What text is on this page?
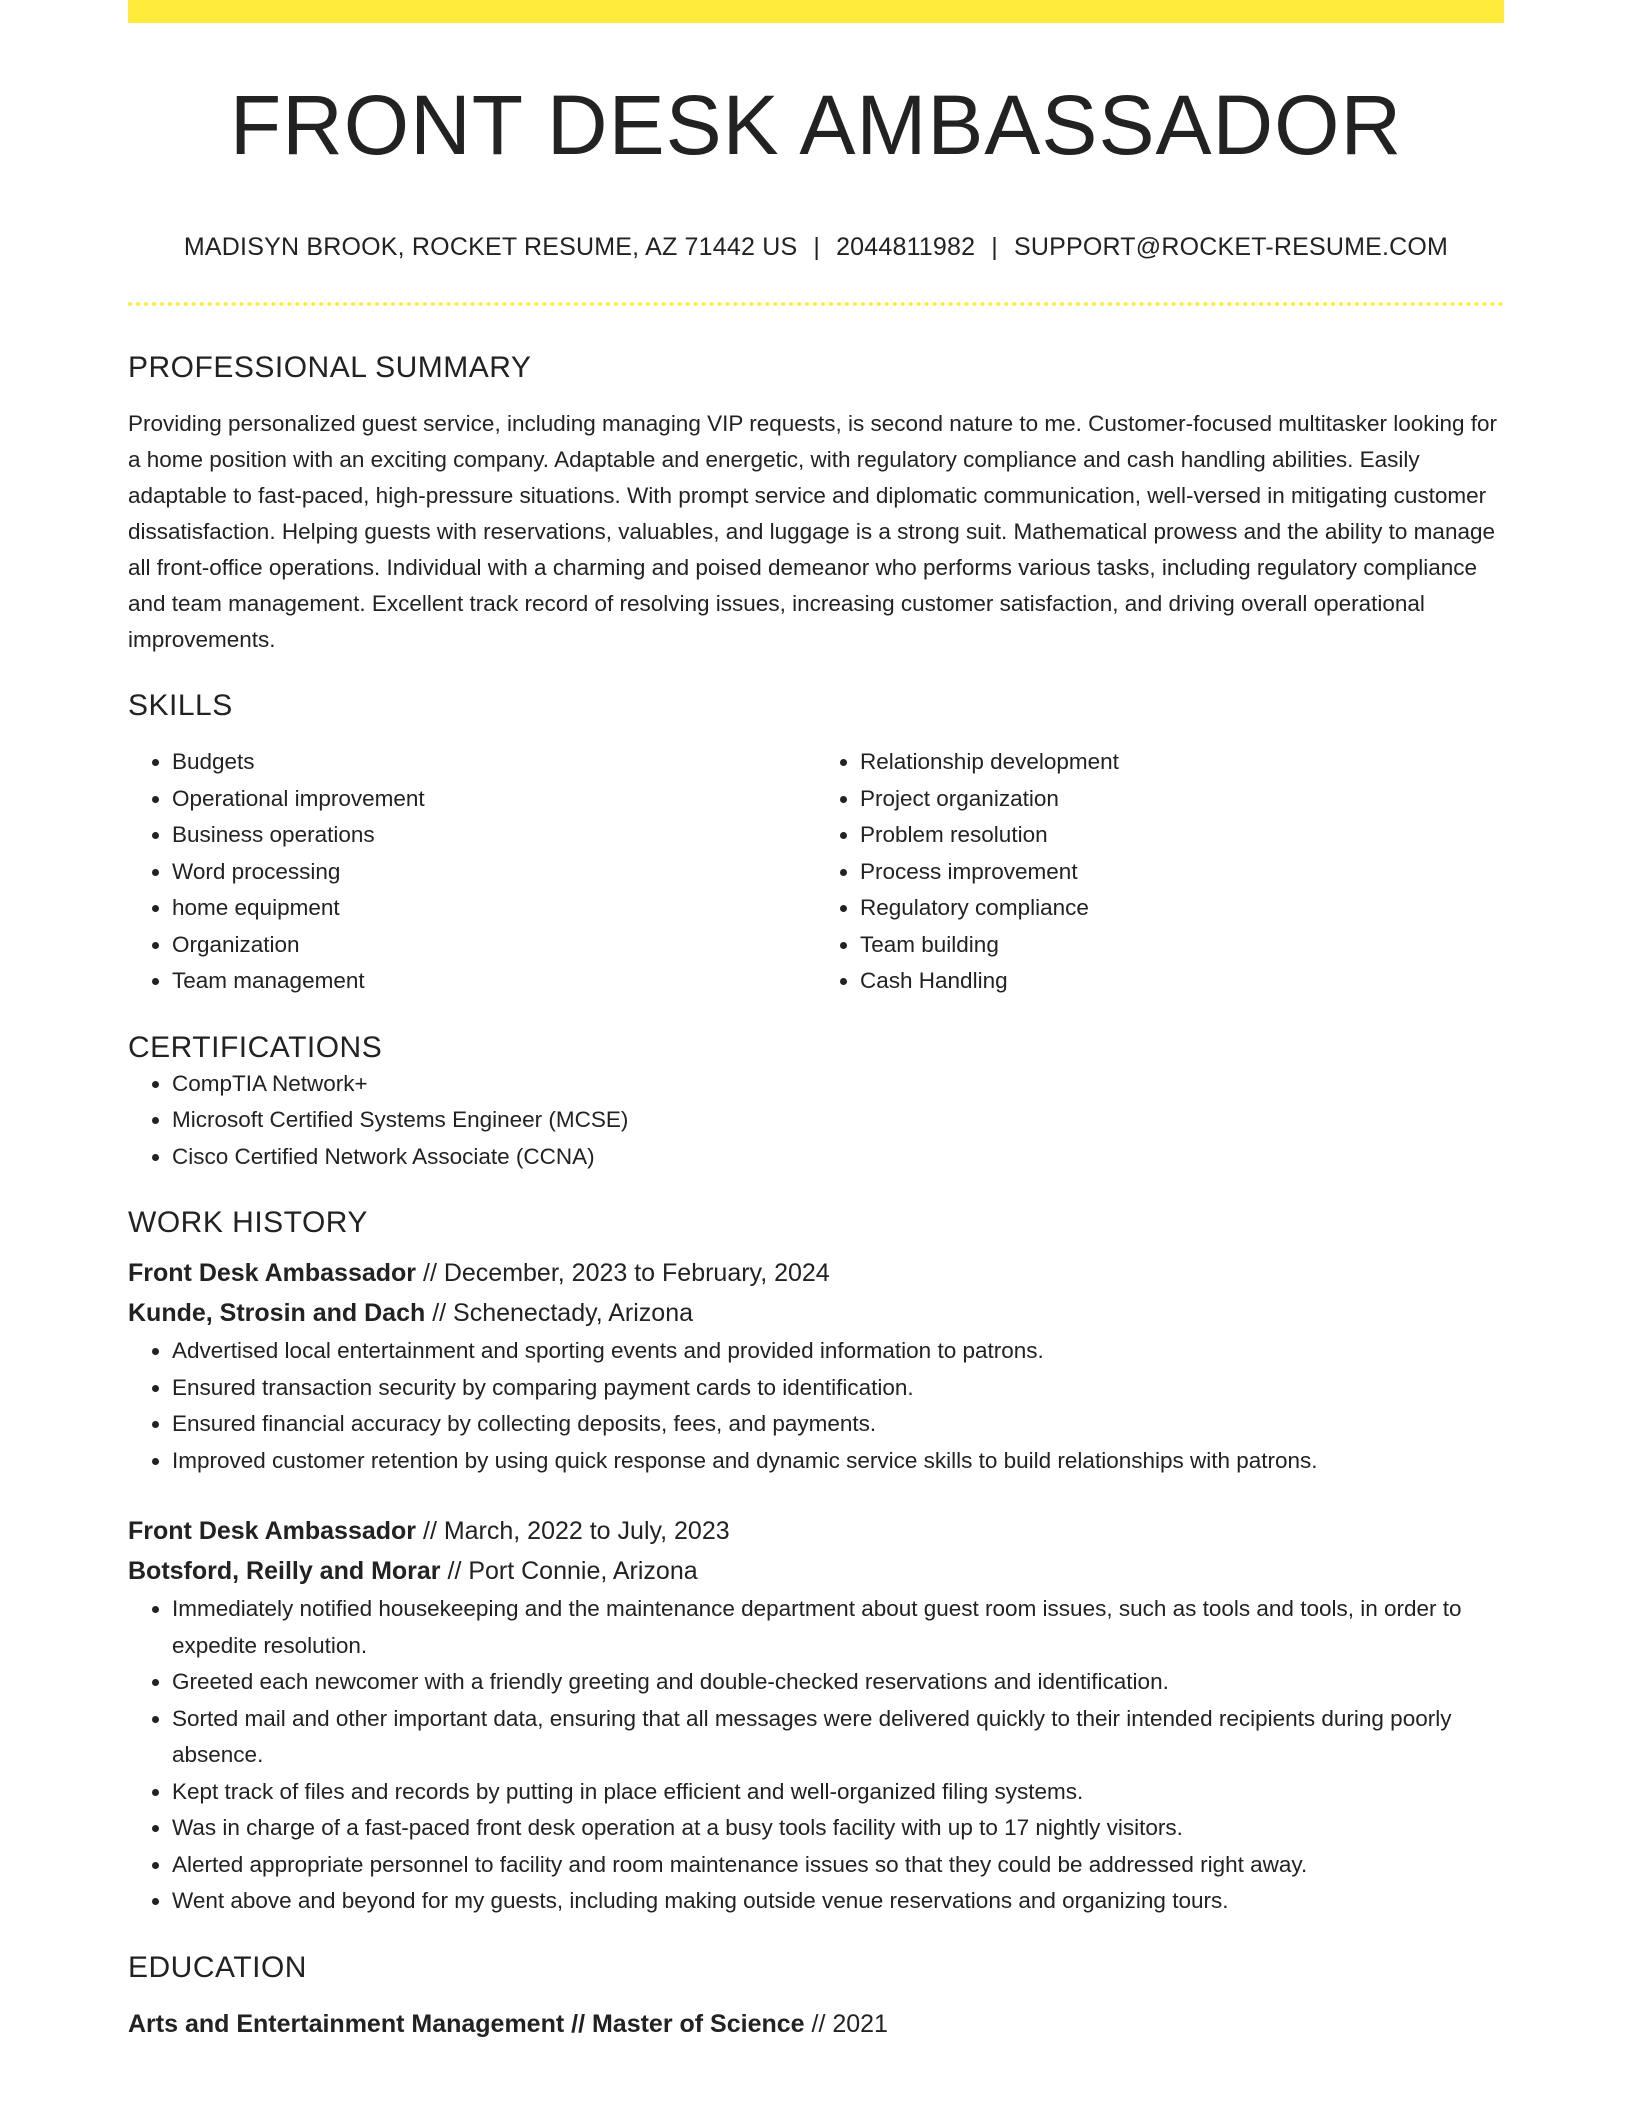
FRONT DESK AMBASSADOR
MADISYN BROOK, ROCKET RESUME, AZ 71442 US | 2044811982 | SUPPORT@ROCKET-RESUME.COM
PROFESSIONAL SUMMARY

Providing personalized guest service, including managing VIP requests, is second nature to me. Customer-focused multitasker looking for a home position with an exciting company. Adaptable and energetic, with regulatory compliance and cash handling abilities. Easily adaptable to fast-paced, high-pressure situations. With prompt service and diplomatic communication, well-versed in mitigating customer dissatisfaction. Helping guests with reservations, valuables, and luggage is a strong suit. Mathematical prowess and the ability to manage all front-office operations. Individual with a charming and poised demeanor who performs various tasks, including regulatory compliance and team management. Excellent track record of resolving issues, increasing customer satisfaction, and driving overall operational improvements.

SKILLS
• Budgets
• Operational improvement
• Business operations
• Word processing
• home equipment
• Organization
• Team management
• Relationship development
• Project organization
• Problem resolution
• Process improvement
• Regulatory compliance
• Team building
• Cash Handling
CERTIFICATIONS
• CompTIA Network+
• Microsoft Certified Systems Engineer (MCSE)
• Cisco Certified Network Associate (CCNA)
WORK HISTORY
Front Desk Ambassador // December, 2023 to February, 2024
Kunde, Strosin and Dach // Schenectady, Arizona
• Advertised local entertainment and sporting events and provided information to patrons.
• Ensured transaction security by comparing payment cards to identification.
• Ensured financial accuracy by collecting deposits, fees, and payments.
• Improved customer retention by using quick response and dynamic service skills to build relationships with patrons.
Front Desk Ambassador // March, 2022 to July, 2023
Botsford, Reilly and Morar // Port Connie, Arizona
• Immediately notified housekeeping and the maintenance department about guest room issues, such as tools and tools, in order to expedite resolution.
• Greeted each newcomer with a friendly greeting and double-checked reservations and identification.
• Sorted mail and other important data, ensuring that all messages were delivered quickly to their intended recipients during poorly absence.
• Kept track of files and records by putting in place efficient and well-organized filing systems.
• Was in charge of a fast-paced front desk operation at a busy tools facility with up to 17 nightly visitors.
• Alerted appropriate personnel to facility and room maintenance issues so that they could be addressed right away.
• Went above and beyond for my guests, including making outside venue reservations and organizing tours.
EDUCATION
Arts and Entertainment Management // Master of Science // 2021
